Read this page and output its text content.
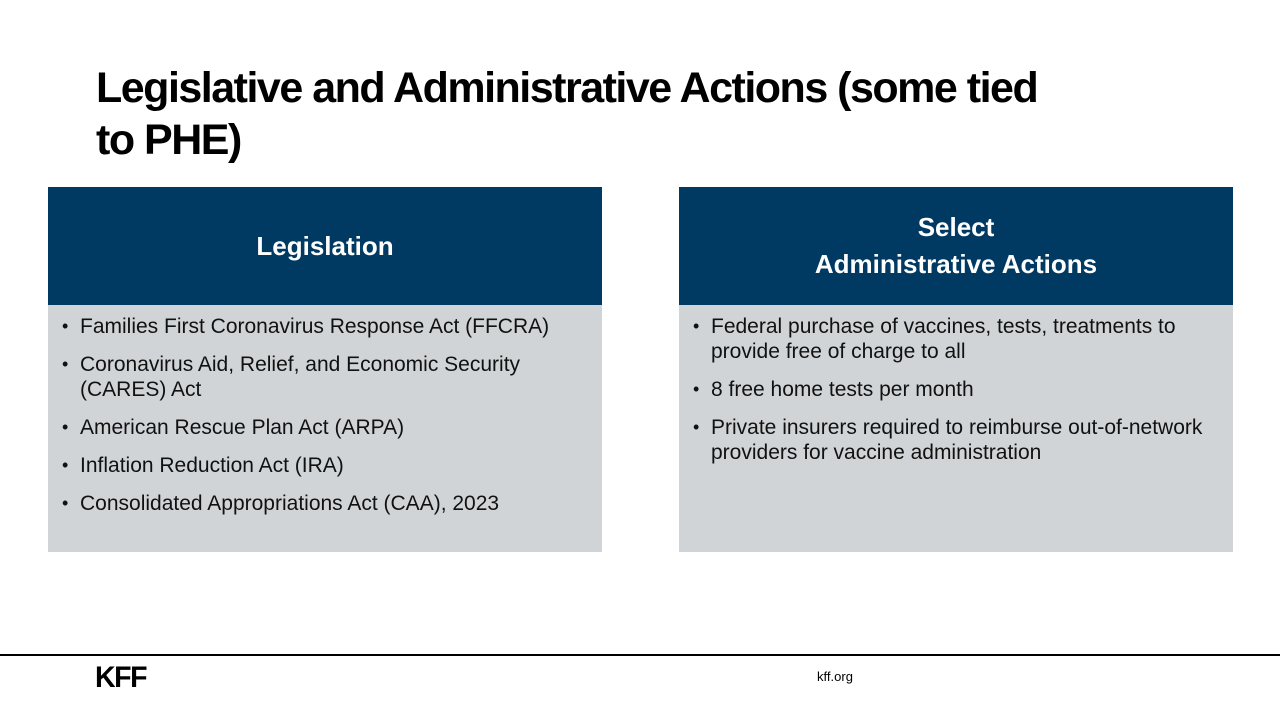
Legislative and Administrative Actions (some tied
to PHE)
Legislation
• Families First Coronavirus Response Act (FFCRA)
• Coronavirus Aid, Relief, and Economic Security (CARES) Act
• American Rescue Plan Act (ARPA)
• Inflation Reduction Act (IRA)
• Consolidated Appropriations Act (CAA), 2023
Select
Administrative Actions
• Federal purchase of vaccines, tests, treatments to provide free of charge to all
• 8 free home tests per month
• Private insurers required to reimburse out-of-network providers for vaccine administration
KFF	kff.org
